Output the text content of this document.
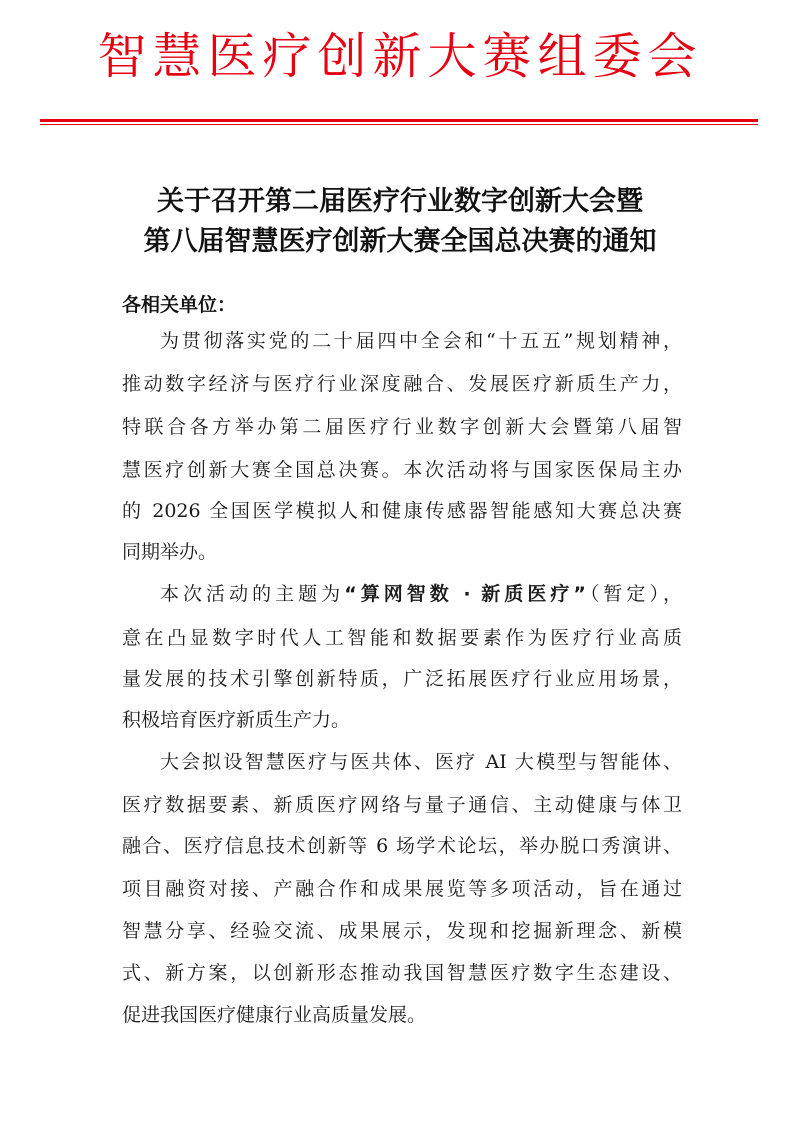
智慧医疗创新大赛组委会
关于召开第二届医疗行业数字创新大会暨
第八届智慧医疗创新大赛全国总决赛的通知
各相关单位：
为贯彻落实党的二十届四中全会和“十五五”规划精神，
推动数字经济与医疗行业深度融合、发展医疗新质生产力，
特联合各方举办第二届医疗行业数字创新大会暨第八届智
慧医疗创新大赛全国总决赛。本次活动将与国家医保局主办
的 2026 全国医学模拟人和健康传感器智能感知大赛总决赛
同期举办。
本次活动的主题为“算网智数 · 新质医疗”（暂定），
意在凸显数字时代人工智能和数据要素作为医疗行业高质
量发展的技术引擎创新特质，广泛拓展医疗行业应用场景，
积极培育医疗新质生产力。
大会拟设智慧医疗与医共体、医疗 AI 大模型与智能体、
医疗数据要素、新质医疗网络与量子通信、主动健康与体卫
融合、医疗信息技术创新等 6 场学术论坛，举办脱口秀演讲、
项目融资对接、产融合作和成果展览等多项活动，旨在通过
智慧分享、经验交流、成果展示，发现和挖掘新理念、新模
式、新方案，以创新形态推动我国智慧医疗数字生态建设、
促进我国医疗健康行业高质量发展。
